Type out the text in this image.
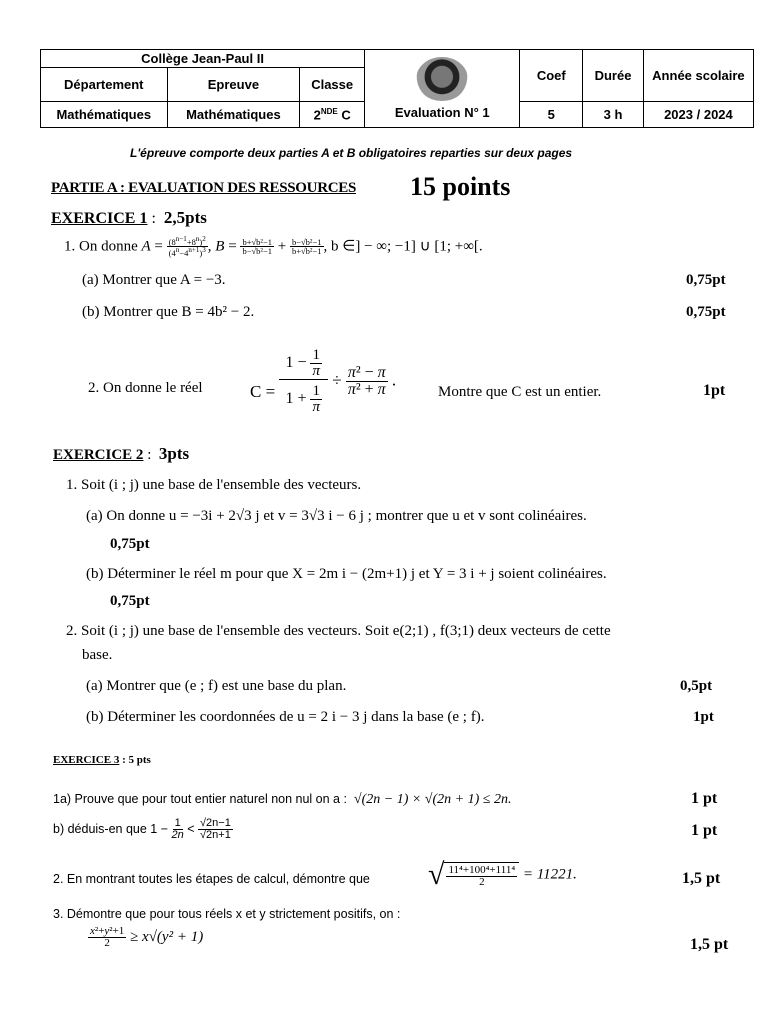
Collège Jean-Paul II			Evaluation N° 1	Coef	Durée	Année scolaire
Département	Epreuve	Classe				
Mathématiques	Mathématiques	2NDE C		5	3 h	2023 / 2024
L'épreuve comporte deux parties A et B obligatoires reparties sur deux pages
PARTIE A : EVALUATION DES RESSOURCES 15 points
EXERCICE 1 :  2,5pts
1. On donne $A = \frac{(8^{n-1}+8^n)^2}{(4^n-4^{n+1})^3}$ , $B = \frac{\text{b+√b²−1}}{\text{b−√b²−1}} + \frac{\text{b−√b²−1}}{\text{b+√b²−1}}$ , b ∈] − ∞; −1] ∪ [1; +∞[.
(a) Montrer que A = −3.	0,75pt
(b) Montrer que B = 4b² − 2.	0,75pt
2. On donne le réel	$C = \frac{1 - \frac{1}{\pi}}{1 + \frac{1}{\pi}} \div \frac{\text{π² − π}}{\text{π² + π}}$ .
Montre que C est un entier.	1pt
EXERCICE 2 :  3pts
1. Soit (i ; j) une base de l'ensemble des vecteurs.
(a) On donne u = −3i + 2√3 j et v = 3√3 i − 6 j ; montrer que u et v sont colinéaires.
0,75pt
(b) Déterminer le réel m pour que X = 2m i − (2m+1) j et Y = 3 i + j soient colinéaires.
0,75pt
2. Soit (i ; j) une base de l'ensemble des vecteurs. Soit e(2;1) , f(3;1) deux vecteurs de cette
base.
(a) Montrer que (e ; f) est une base du plan.	0,5pt
(b) Déterminer les coordonnées de u = 2 i − 3 j dans la base (e ; f).	1pt
EXERCICE 3 : 5 pts
1a) Prouve que pour tout entier naturel non nul on a : √(2n − 1) × √(2n + 1) ≤ 2n.	1 pt
b) déduis-en que $1 - \frac{1}{2n} < \frac{√2n-1}{√2n+1}$	1 pt
2. En montrant toutes les étapes de calcul, démontre que √ $\frac{\text{11⁴+100⁴+111⁴}}{2} = 11221$.	1,5 pt
3. Démontre que pour tous réels x et y strictement positifs, on :
$\frac{\text{x²+y²+1}}{2} \ge x√(y^2 + 1)$	1,5 pt
